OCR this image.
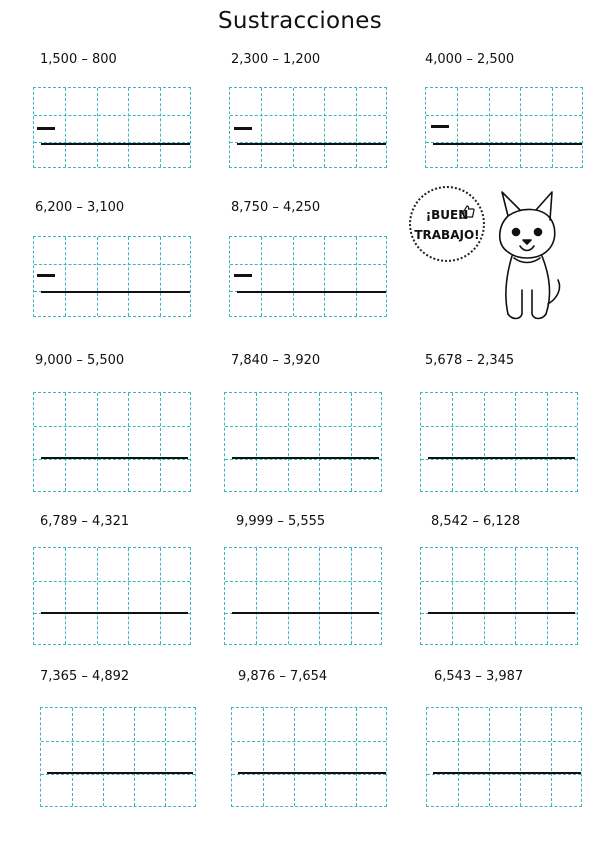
Sustracciones
1,500 – 800	2,300 – 1,200	4,000 – 2,500
6,200 – 3,100	8,750 – 4,250	¡BUEN
TRABAJO!
9,000 – 5,500	7,840 – 3,920	5,678 – 2,345
6,789 – 4,321	9,999 – 5,555	8,542 – 6,128
7,365 – 4,892	9,876 – 7,654	6,543 – 3,987
